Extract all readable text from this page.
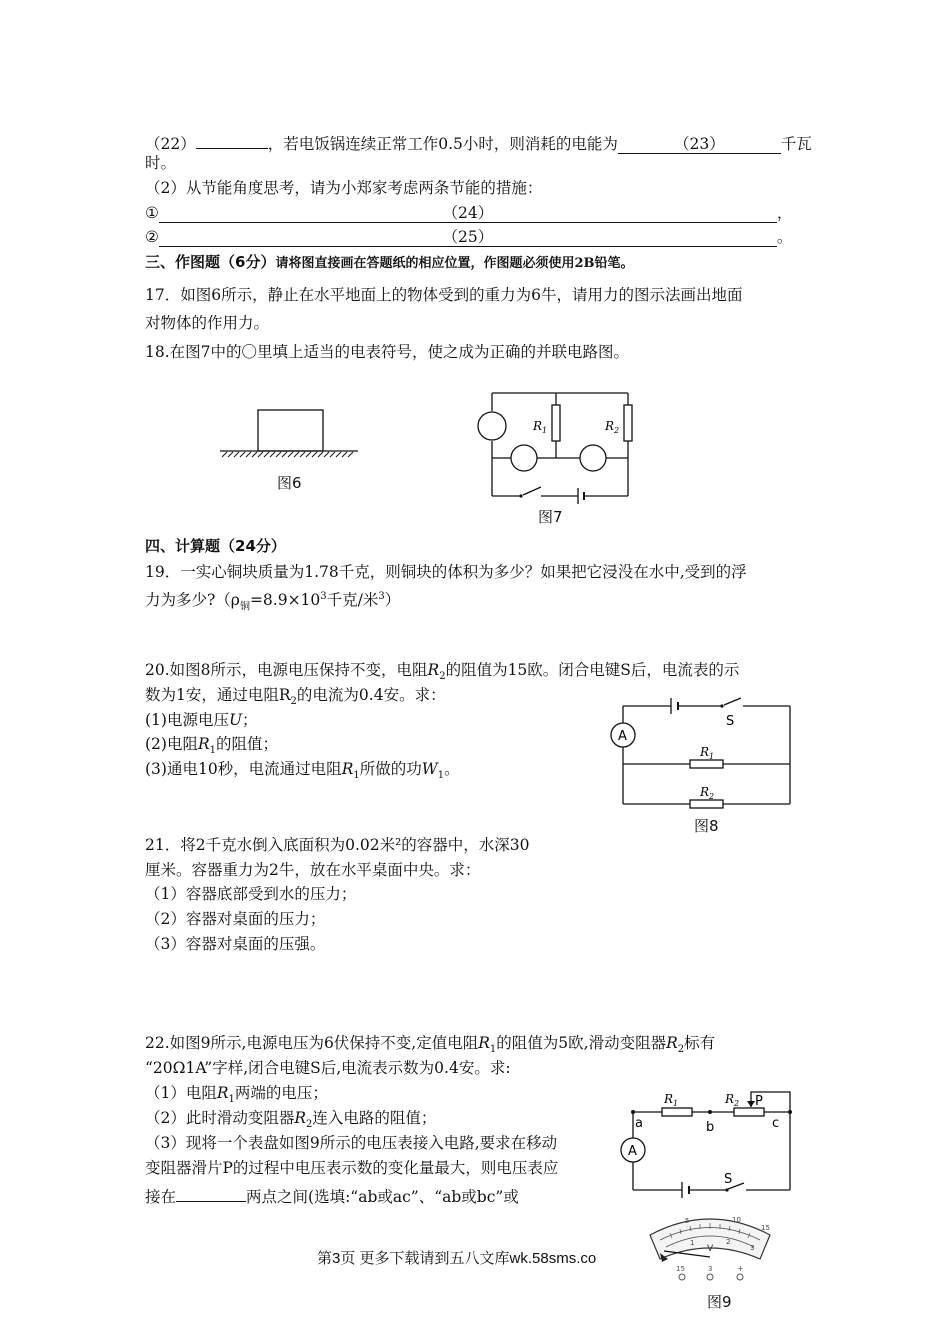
（22）	，若电饭锅连续正常工作0.5小时，则消耗的电能为	（23）	千瓦
时。
（2）从节能角度思考，请为小郑家考虑两条节能的措施：
①	（24）	，
②	（25）	。
三、作图题（6分）请将图直接画在答题纸的相应位置，作图题必须使用2B铅笔。
17．如图6所示，静止在水平地面上的物体受到的重力为6牛，请用力的图示法画出地面
对物体的作用力。
18.在图7中的〇里填上适当的电表符号，使之成为正确的并联电路图。
图6
$R_1$	$R_2$
图7
四、计算题（24分）
19．一实心铜块质量为1.78千克，则铜块的体积为多少？如果把它浸没在水中,受到的浮
力为多少$?(\rho_铜=8.9\times 10^3$千克/米$^3$）
20.如图8所示，电源电压保持不变，电阻$R_2$的阻值为15欧。闭合电键S后，电流表的示
数为1安，通过电阻$R_2$的电流为0.4安。求：
(1)电源电压U；
(2)电阻$R_1$的阻值；
(3)通电10秒，电流通过电阻$R_1$所做的功$W_1$。
A
S
$R_1$
$R_2$
图8
21．将2千克水倒入底面积为0.02米²的容器中，水深30
厘米。容器重力为2牛，放在水平桌面中央。求：
（1）容器底部受到水的压力；
（2）容器对桌面的压力；
（3）容器对桌面的压强。
22.如图9所示,电源电压为6伏保持不变,定值电阻$R_1$的阻值为5欧,滑动变阻器$R_2$标有
“20Ω1A”字样,闭合电键S后,电流表示数为0.4安。求:
（1）电阻$R_1$两端的电压；
（2）此时滑动变阻器$R_2$连入电路的阻值；
（3）现将一个表盘如图9所示的电压表接入电路,要求在移动
变阻器滑片P的过程中电压表示数的变化量最大，则电压表应
接在	两点之间(选填:“ab或ac”、“ab或bc”或
A
$R_1$	$R_2$ P
a	b	c
S
5	10
15
1	2
3
V
15	3	+
图9
第3页 更多下载请到五八文库wk.58sms.co
